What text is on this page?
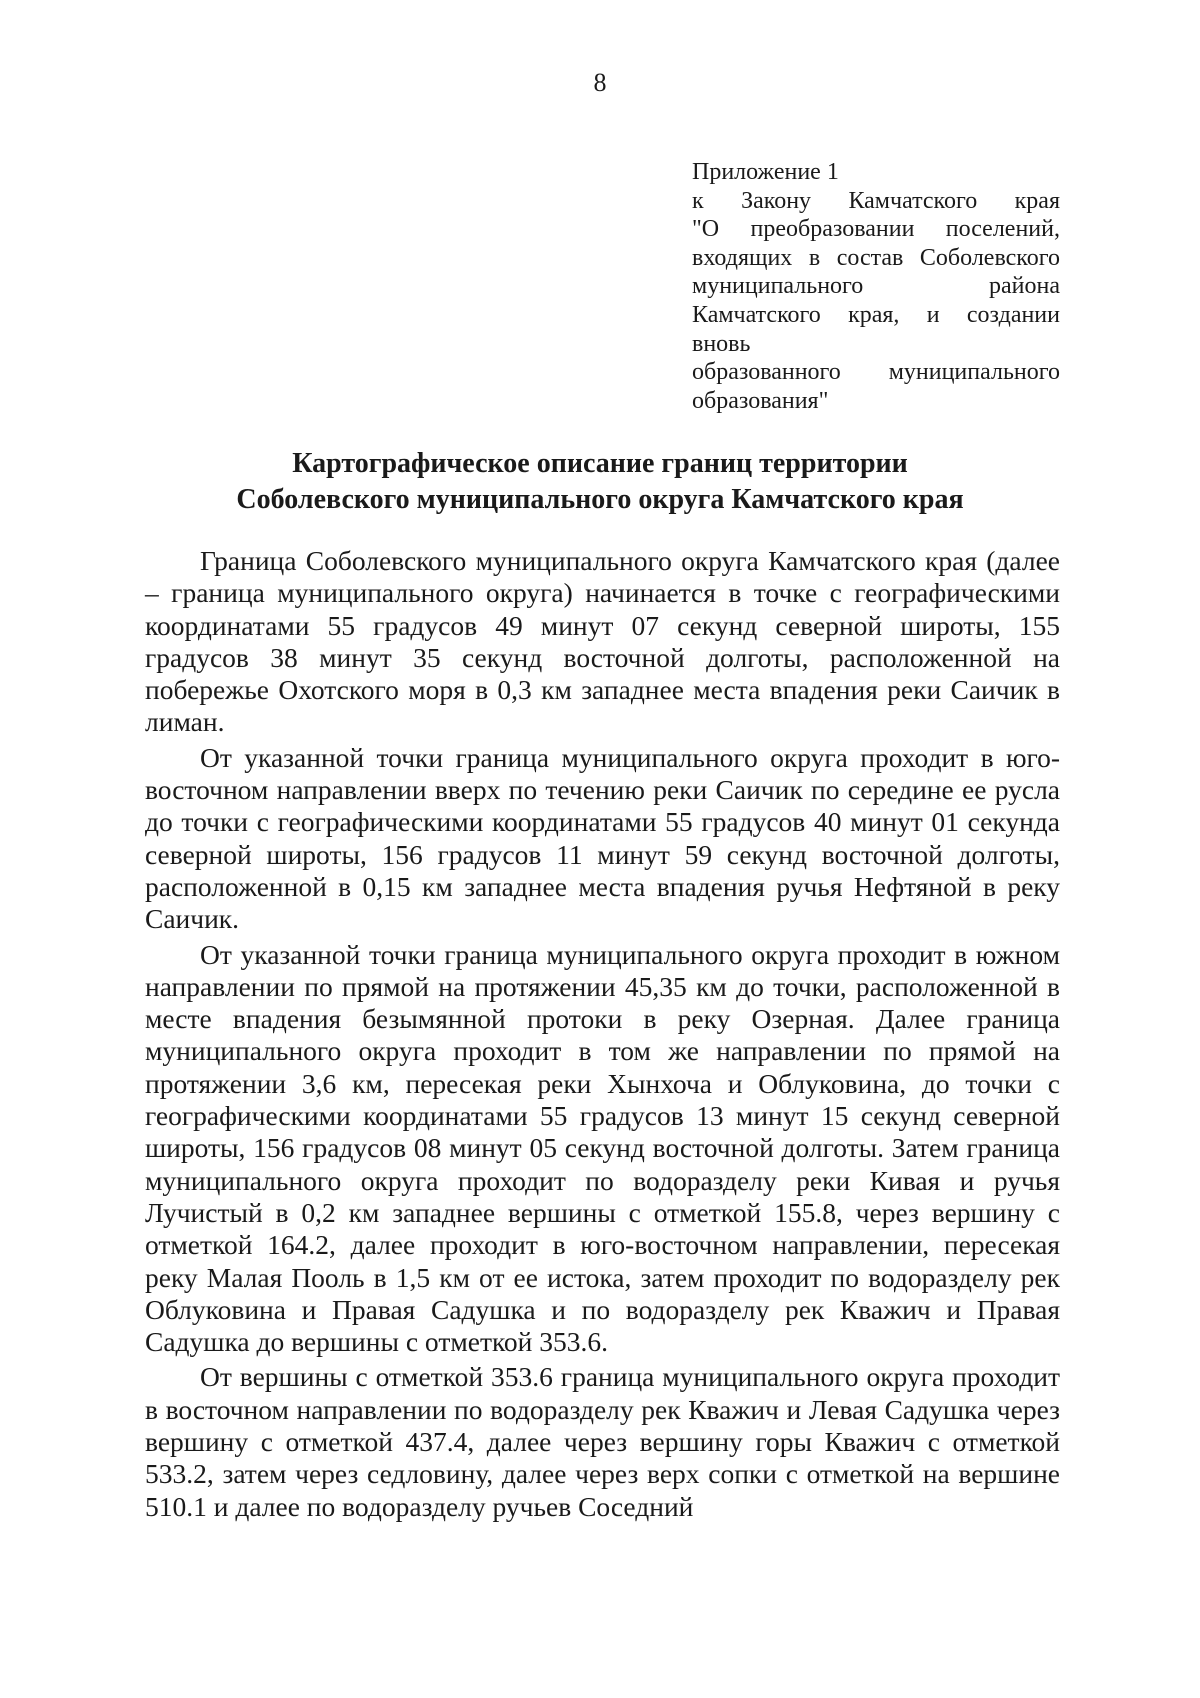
8
Приложение 1
к Закону Камчатского края
"О преобразовании поселений,
входящих в состав Соболевского
муниципального района
Камчатского края, и создании вновь
образованного муниципального
образования"
Картографическое описание границ территории
Соболевского муниципального округа Камчатского края

Граница Соболевского муниципального округа Камчатского края (далее – граница муниципального округа) начинается в точке с географическими координатами 55 градусов 49 минут 07 секунд северной широты, 155 градусов 38 минут 35 секунд восточной долготы, расположенной на побережье Охотского моря в 0,3 км западнее места впадения реки Саичик в лиман.

От указанной точки граница муниципального округа проходит в юго-восточном направлении вверх по течению реки Саичик по середине ее русла до точки с географическими координатами 55 градусов 40 минут 01 секунда северной широты, 156 градусов 11 минут 59 секунд восточной долготы, расположенной в 0,15 км западнее места впадения ручья Нефтяной в реку Саичик.

От указанной точки граница муниципального округа проходит в южном направлении по прямой на протяжении 45,35 км до точки, расположенной в месте впадения безымянной протоки в реку Озерная. Далее граница муниципального округа проходит в том же направлении по прямой на протяжении 3,6 км, пересекая реки Хынхоча и Облуковина, до точки с географическими координатами 55 градусов 13 минут 15 секунд северной широты, 156 градусов 08 минут 05 секунд восточной долготы. Затем граница муниципального округа проходит по водоразделу реки Кивая и ручья Лучистый в 0,2 км западнее вершины с отметкой 155.8, через вершину с отметкой 164.2, далее проходит в юго-восточном направлении, пересекая реку Малая Пооль в 1,5 км от ее истока, затем проходит по водоразделу рек Облуковина и Правая Садушка и по водоразделу рек Кважич и Правая Садушка до вершины с отметкой 353.6.

От вершины с отметкой 353.6 граница муниципального округа проходит в восточном направлении по водоразделу рек Кважич и Левая Садушка через вершину с отметкой 437.4, далее через вершину горы Кважич с отметкой 533.2, затем через седловину, далее через верх сопки с отметкой на вершине 510.1 и далее по водоразделу ручьев Соседний
